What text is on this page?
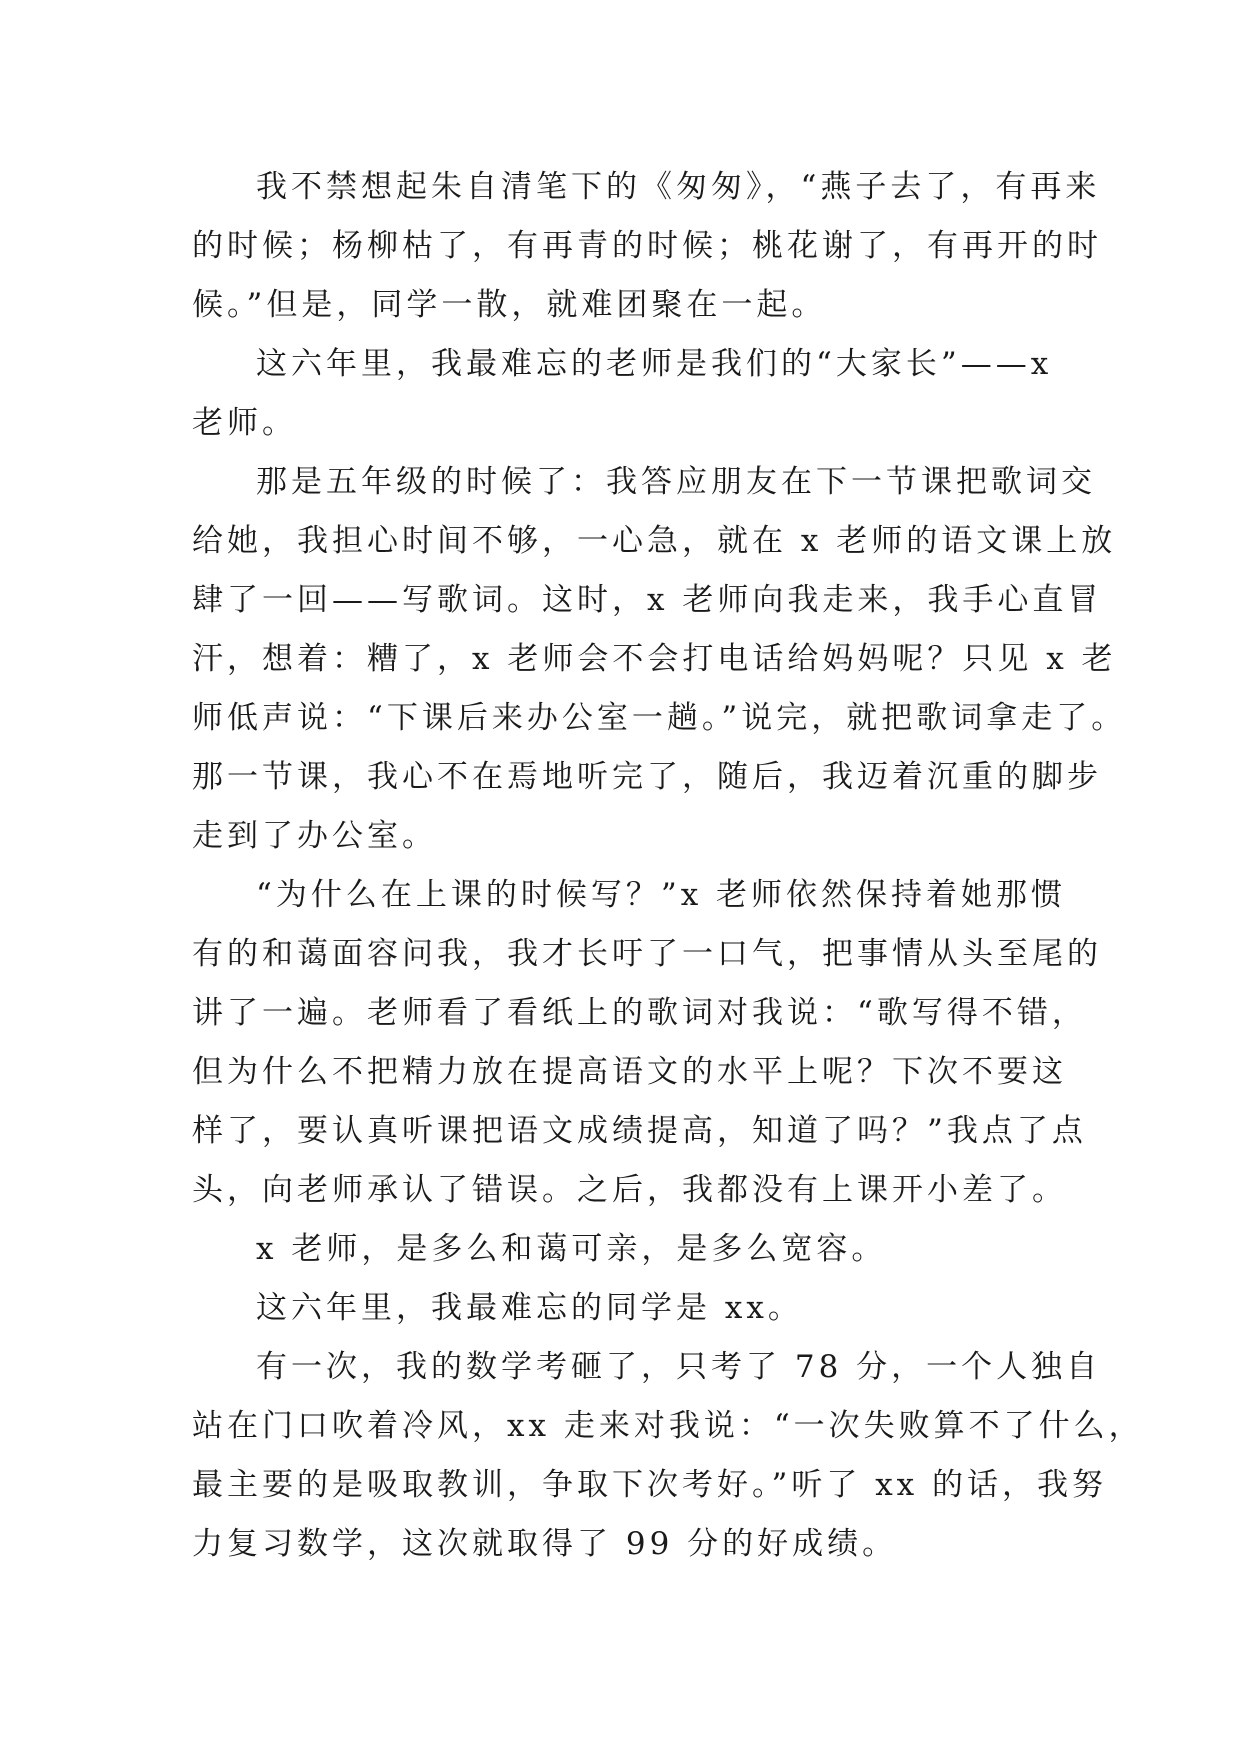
我不禁想起朱自清笔下的《匆匆》，“燕子去了，有再来
的时候；杨柳枯了，有再青的时候；桃花谢了，有再开的时
候。”但是，同学一散，就难团聚在一起。

这六年里，我最难忘的老师是我们的“大家长”——x
老师。

那是五年级的时候了：我答应朋友在下一节课把歌词交
给她，我担心时间不够，一心急，就在 x 老师的语文课上放
肆了一回——写歌词。这时，x 老师向我走来，我手心直冒
汗，想着：糟了，x 老师会不会打电话给妈妈呢？只见 x 老
师低声说：“下课后来办公室一趟。”说完，就把歌词拿走了。
那一节课，我心不在焉地听完了，随后，我迈着沉重的脚步
走到了办公室。

“为什么在上课的时候写？”x 老师依然保持着她那惯
有的和蔼面容问我，我才长吁了一口气，把事情从头至尾的
讲了一遍。老师看了看纸上的歌词对我说：“歌写得不错，
但为什么不把精力放在提高语文的水平上呢？下次不要这
样了，要认真听课把语文成绩提高，知道了吗？”我点了点
头，向老师承认了错误。之后，我都没有上课开小差了。

x 老师，是多么和蔼可亲，是多么宽容。

这六年里，我最难忘的同学是 xx。

有一次，我的数学考砸了，只考了 78 分，一个人独自
站在门口吹着冷风，xx 走来对我说：“一次失败算不了什么，
最主要的是吸取教训，争取下次考好。”听了 xx 的话，我努
力复习数学，这次就取得了 99 分的好成绩。
